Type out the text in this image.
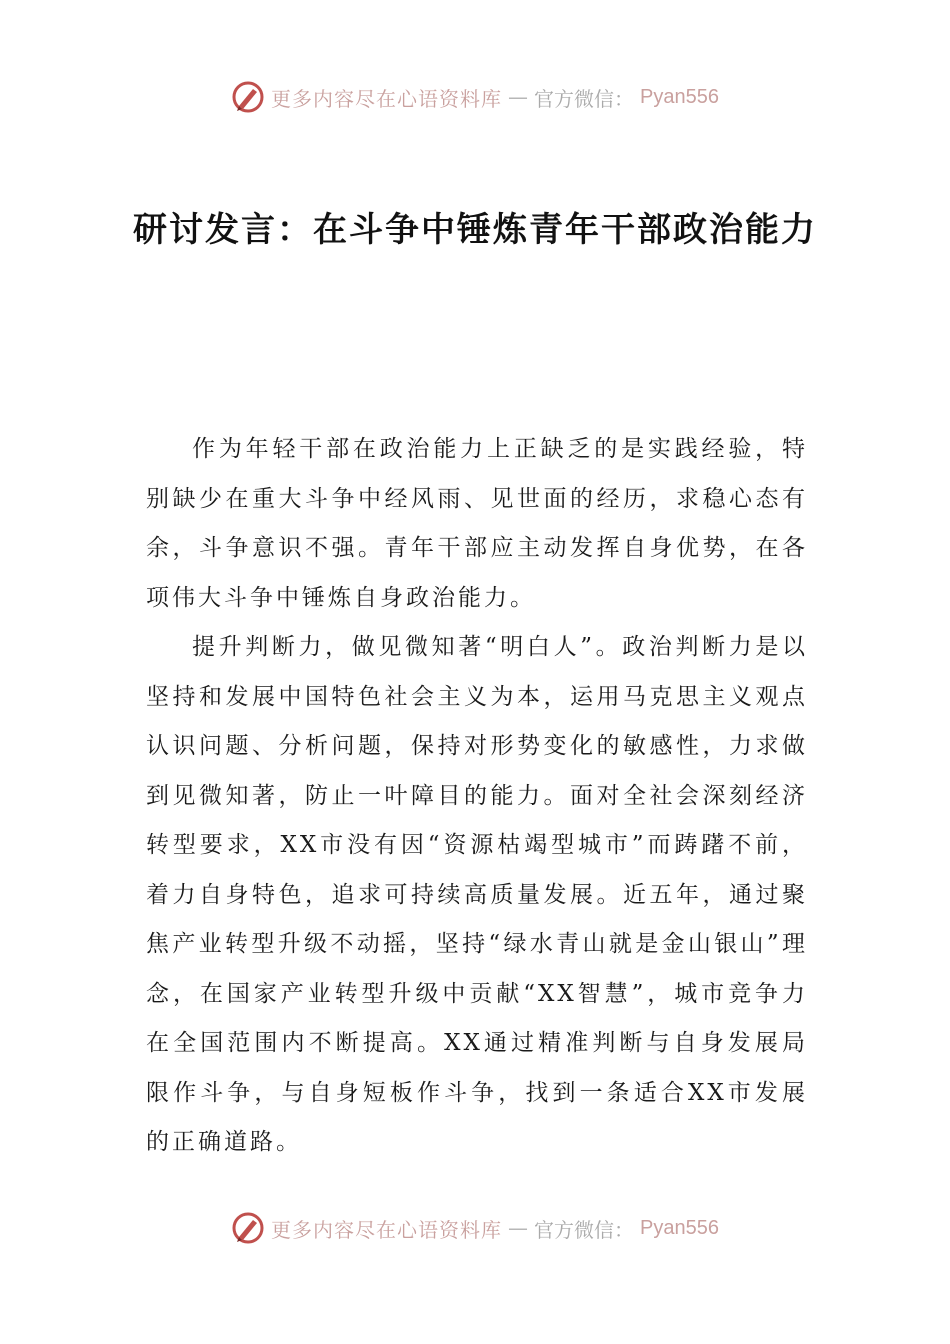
更多内容尽在心语资料库 — 官方微信： Pyan556
研讨发言：在斗争中锤炼青年干部政治能力

作为年轻干部在政治能力上正缺乏的是实践经验，特别缺少在重大斗争中经风雨、见世面的经历，求稳心态有余，斗争意识不强。青年干部应主动发挥自身优势，在各项伟大斗争中锤炼自身政治能力。

提升判断力，做见微知著“明白人”。政治判断力是以坚持和发展中国特色社会主义为本，运用马克思主义观点认识问题、分析问题，保持对形势变化的敏感性，力求做到见微知著，防止一叶障目的能力。面对全社会深刻经济转型要求，XX市没有因“资源枯竭型城市”而踌躇不前，着力自身特色，追求可持续高质量发展。近五年，通过聚焦产业转型升级不动摇，坚持“绿水青山就是金山银山”理念，在国家产业转型升级中贡献“XX智慧”，城市竞争力在全国范围内不断提高。XX通过精准判断与自身发展局限作斗争，与自身短板作斗争，找到一条适合XX市发展的正确道路。

更多内容尽在心语资料库 — 官方微信： Pyan556
